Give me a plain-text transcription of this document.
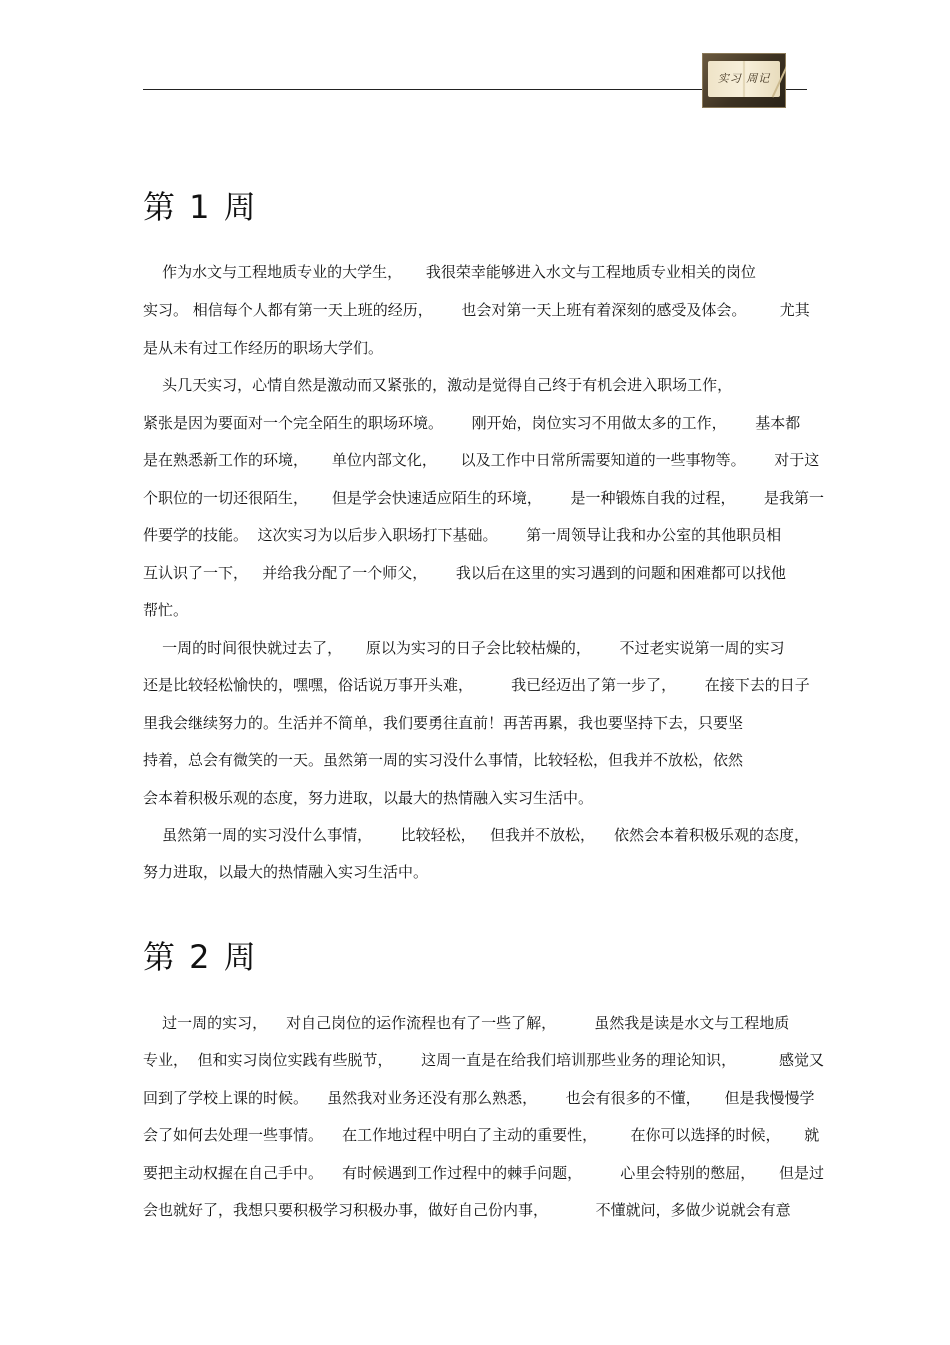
实习 周记
第 1 周

作为水文与工程地质专业的大学生，     我很荣幸能够进入水文与工程地质专业相关的岗位

实习。 相信每个人都有第一天上班的经历，      也会对第一天上班有着深刻的感受及体会。       尤其

是从未有过工作经历的职场大学们。

头几天实习，心情自然是激动而又紧张的，激动是觉得自己终于有机会进入职场工作，

紧张是因为要面对一个完全陌生的职场环境。      刚开始，岗位实习不用做太多的工作，      基本都

是在熟悉新工作的环境，     单位内部文化，     以及工作中日常所需要知道的一些事物等。      对于这

个职位的一切还很陌生，     但是学会快速适应陌生的环境，      是一种锻炼自我的过程，      是我第一

件要学的技能。  这次实习为以后步入职场打下基础。      第一周领导让我和办公室的其他职员相

互认识了一下，   并给我分配了一个师父，      我以后在这里的实习遇到的问题和困难都可以找他

帮忙。

一周的时间很快就过去了，     原以为实习的日子会比较枯燥的，      不过老实说第一周的实习

还是比较轻松愉快的，嘿嘿，俗话说万事开头难，        我已经迈出了第一步了，      在接下去的日子

里我会继续努力的。生活并不简单，我们要勇往直前！再苦再累，我也要坚持下去，只要坚

持着，总会有微笑的一天。虽然第一周的实习没什么事情，比较轻松，但我并不放松，依然

会本着积极乐观的态度，努力进取，以最大的热情融入实习生活中。

虽然第一周的实习没什么事情，      比较轻松，   但我并不放松，    依然会本着积极乐观的态度，

努力进取，以最大的热情融入实习生活中。

第 2 周

过一周的实习，    对自己岗位的运作流程也有了一些了解，        虽然我是读是水文与工程地质

专业，  但和实习岗位实践有些脱节，      这周一直是在给我们培训那些业务的理论知识，         感觉又

回到了学校上课的时候。    虽然我对业务还没有那么熟悉，      也会有很多的不懂，     但是我慢慢学

会了如何去处理一些事情。    在工作地过程中明白了主动的重要性，       在你可以选择的时候，     就

要把主动权握在自己手中。    有时候遇到工作过程中的棘手问题，        心里会特别的憋屈，     但是过

会也就好了，我想只要积极学习积极办事，做好自己份内事，          不懂就问，多做少说就会有意
